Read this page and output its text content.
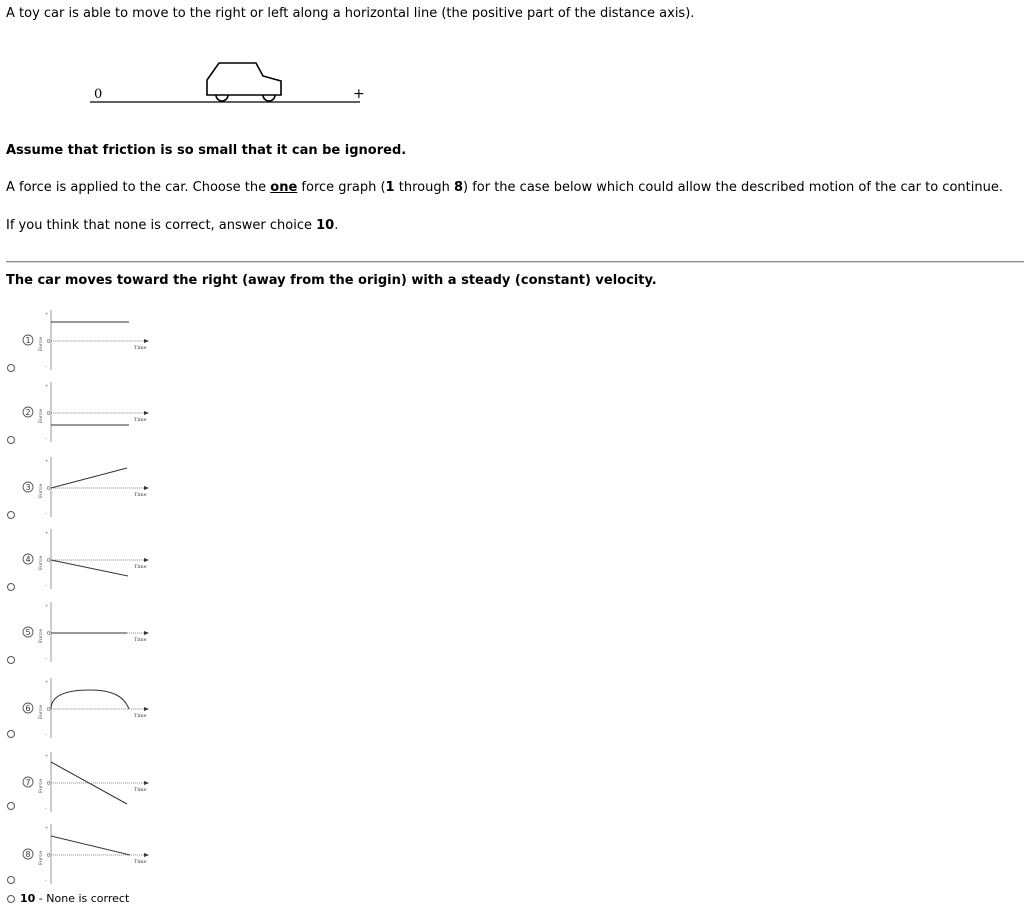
A toy car is able to move to the right or left along a horizontal line (the positive part of the distance axis).
0	+
Assume that friction is so small that it can be ignored.
A force is applied to the car. Choose the one force graph (1 through 8) for the case below which could allow the described motion of the car to continue.
If you think that none is correct, answer choice 10.
The car moves toward the right (away from the origin) with a steady (constant) velocity.
1 Force
+
0
-
Time
2 Force
+
0
-
Time
3 Force
+
0
-
Time
4 Force
+
0
-
Time
5 Force
+
0
-
Time
6 Force
+
0
-
Time
7 Force
+
0
-
Time
8 Force
+
0
-
Time
10 - None is correct
